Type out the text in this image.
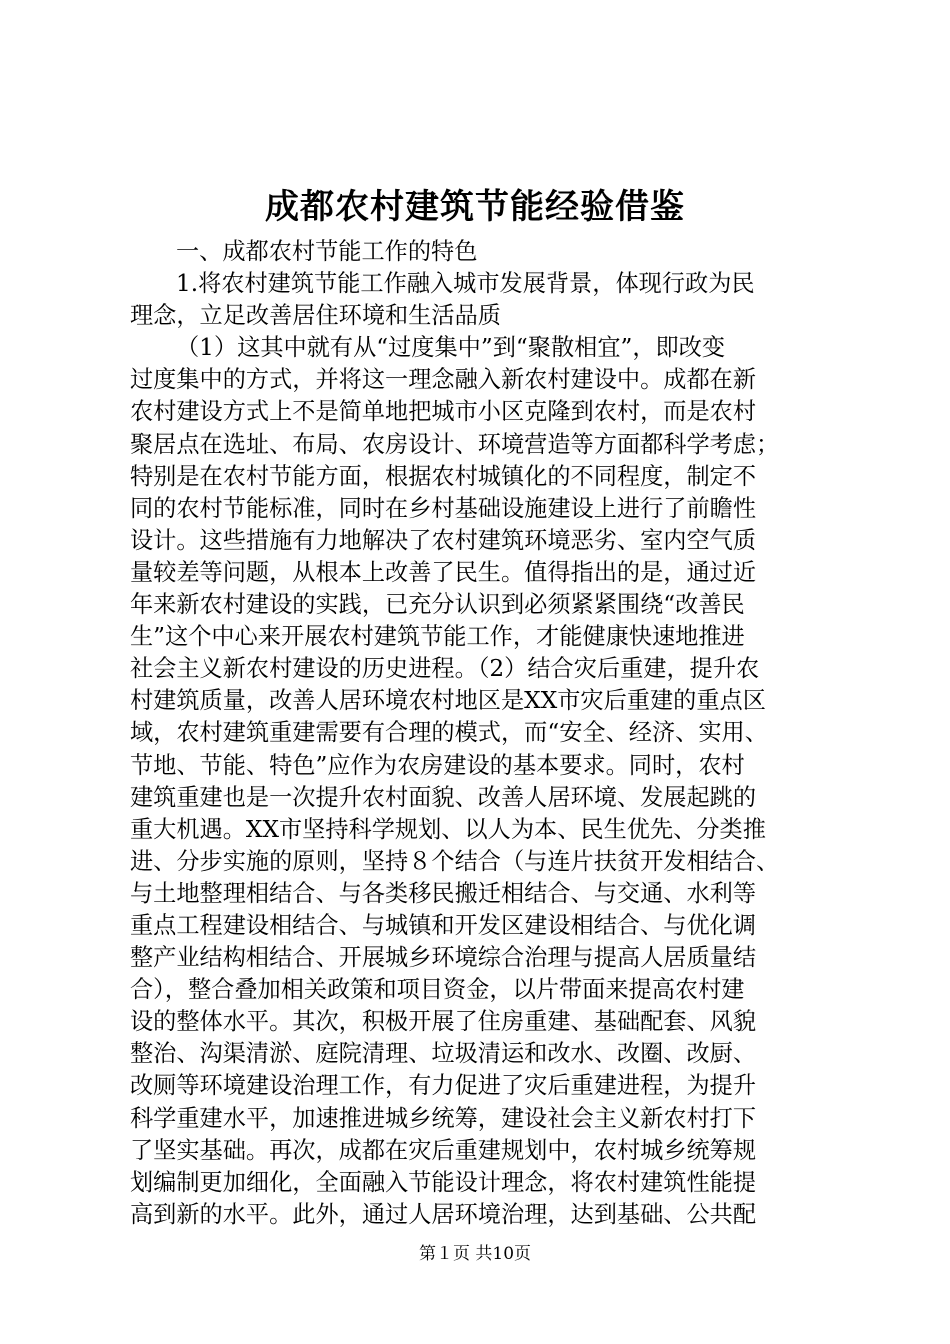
成都农村建筑节能经验借鉴
一、成都农村节能工作的特色
1.将农村建筑节能工作融入城市发展背景，体现行政为民
理念，立足改善居住环境和生活品质
（1）这其中就有从“过度集中”到“聚散相宜”，即改变
过度集中的方式，并将这一理念融入新农村建设中。成都在新
农村建设方式上不是简单地把城市小区克隆到农村，而是农村
聚居点在选址、布局、农房设计、环境营造等方面都科学考虑；
特别是在农村节能方面，根据农村城镇化的不同程度，制定不
同的农村节能标准，同时在乡村基础设施建设上进行了前瞻性
设计。这些措施有力地解决了农村建筑环境恶劣、室内空气质
量较差等问题，从根本上改善了民生。值得指出的是，通过近
年来新农村建设的实践，已充分认识到必须紧紧围绕“改善民
生”这个中心来开展农村建筑节能工作，才能健康快速地推进
社会主义新农村建设的历史进程。（2）结合灾后重建，提升农
村建筑质量，改善人居环境农村地区是XX市灾后重建的重点区
域，农村建筑重建需要有合理的模式，而“安全、经济、实用、
节地、节能、特色”应作为农房建设的基本要求。同时，农村
建筑重建也是一次提升农村面貌、改善人居环境、发展起跳的
重大机遇。XX市坚持科学规划、以人为本、民生优先、分类推
进、分步实施的原则，坚持８个结合（与连片扶贫开发相结合、
与土地整理相结合、与各类移民搬迁相结合、与交通、水利等
重点工程建设相结合、与城镇和开发区建设相结合、与优化调
整产业结构相结合、开展城乡环境综合治理与提高人居质量结
合），整合叠加相关政策和项目资金，以片带面来提高农村建
设的整体水平。其次，积极开展了住房重建、基础配套、风貌
整治、沟渠清淤、庭院清理、垃圾清运和改水、改圈、改厨、
改厕等环境建设治理工作，有力促进了灾后重建进程，为提升
科学重建水平，加速推进城乡统筹，建设社会主义新农村打下
了坚实基础。再次，成都在灾后重建规划中，农村城乡统筹规
划编制更加细化，全面融入节能设计理念，将农村建筑性能提
高到新的水平。此外，通过人居环境治理，达到基础、公共配
第１页 共10页
